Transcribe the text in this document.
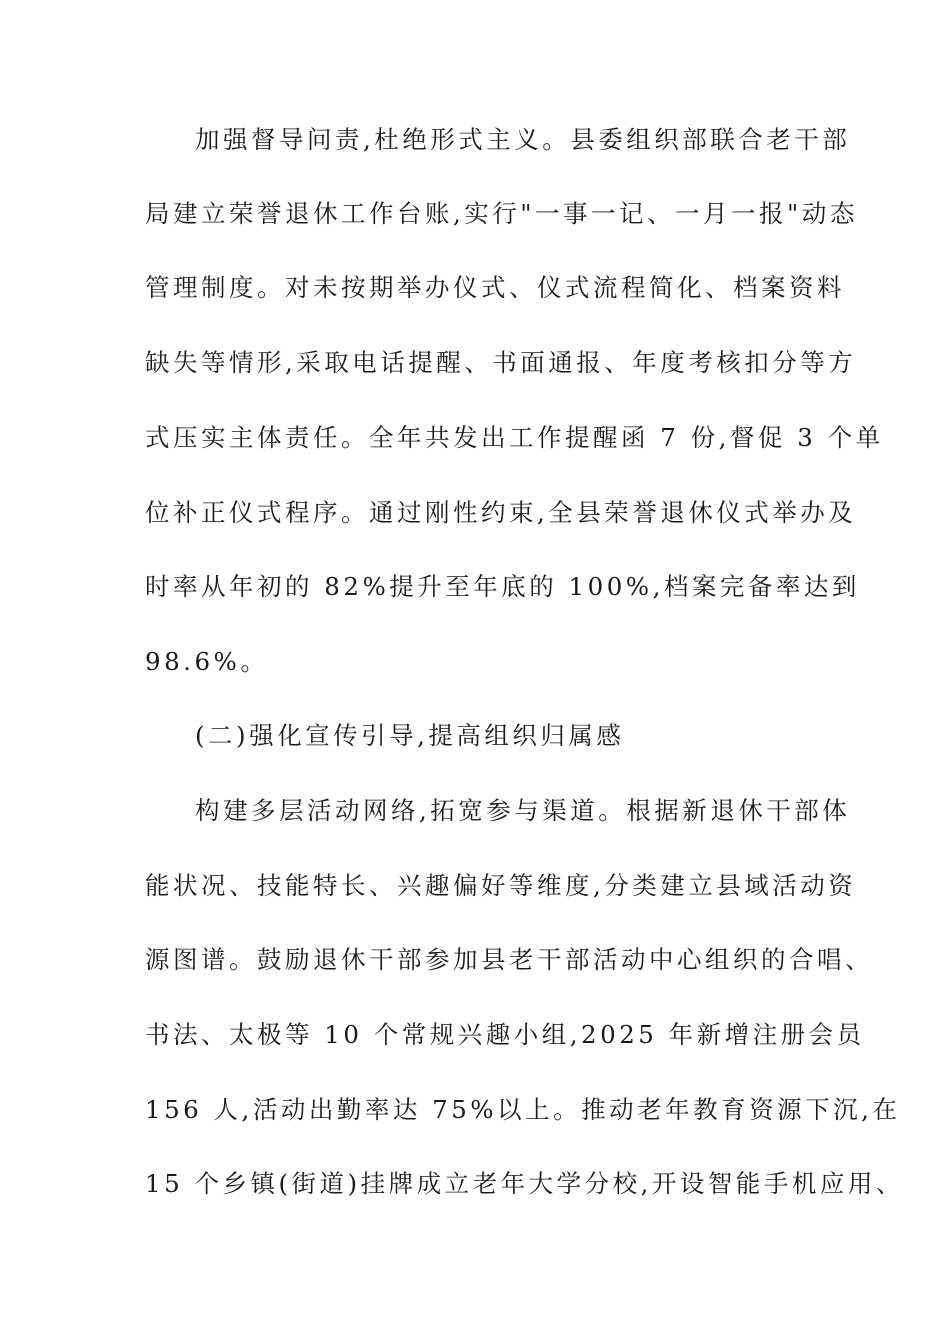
加强督导问责,杜绝形式主义。县委组织部联合老干部
局建立荣誉退休工作台账,实行"一事一记、一月一报"动态
管理制度。对未按期举办仪式、仪式流程简化、档案资料
缺失等情形,采取电话提醒、书面通报、年度考核扣分等方
式压实主体责任。全年共发出工作提醒函 7 份,督促 3 个单
位补正仪式程序。通过刚性约束,全县荣誉退休仪式举办及
时率从年初的 82%提升至年底的 100%,档案完备率达到
98.6%。
(二)强化宣传引导,提高组织归属感
构建多层活动网络,拓宽参与渠道。根据新退休干部体
能状况、技能特长、兴趣偏好等维度,分类建立县域活动资
源图谱。鼓励退休干部参加县老干部活动中心组织的合唱、
书法、太极等 10 个常规兴趣小组,2025 年新增注册会员
156 人,活动出勤率达 75%以上。推动老年教育资源下沉,在
15 个乡镇(街道)挂牌成立老年大学分校,开设智能手机应用、
